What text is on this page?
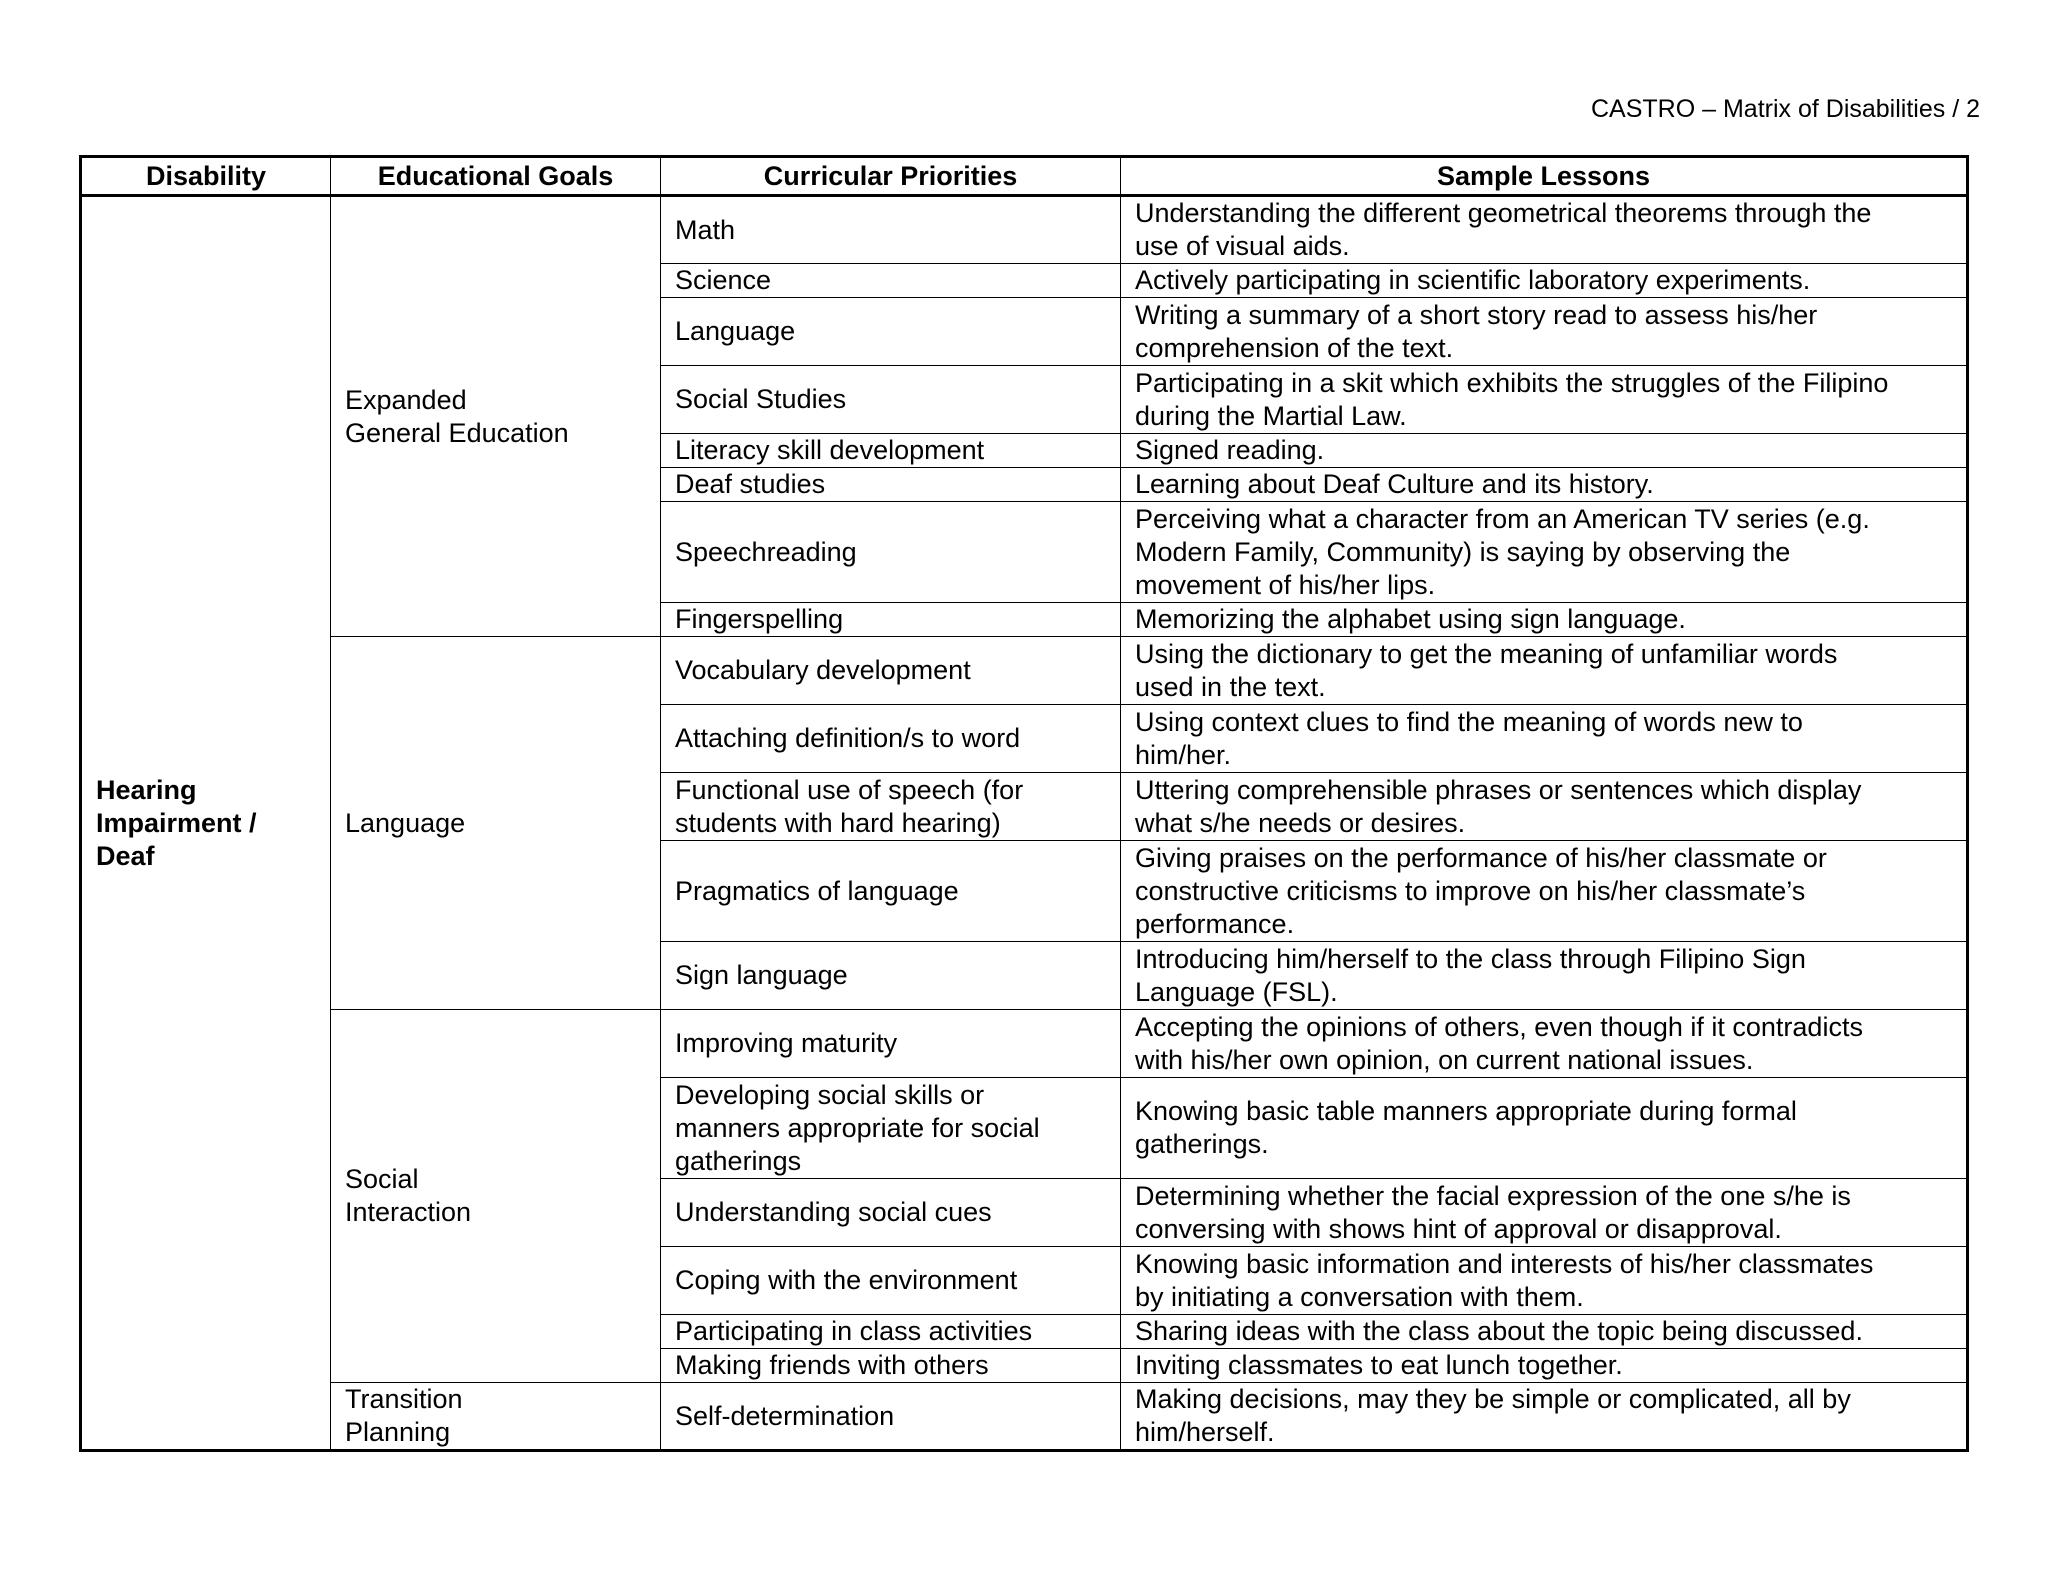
CASTRO – Matrix of Disabilities / 2
Disability	Educational Goals	Curricular Priorities	Sample Lessons
Hearing
Impairment /
Deaf	Expanded
General Education	Math	Understanding the different geometrical theorems through the
use of visual aids.
		Science	Actively participating in scientific laboratory experiments.
		Language	Writing a summary of a short story read to assess his/her
comprehension of the text.
		Social Studies	Participating in a skit which exhibits the struggles of the Filipino
during the Martial Law.
		Literacy skill development	Signed reading.
		Deaf studies	Learning about Deaf Culture and its history.
		Speechreading	Perceiving what a character from an American TV series (e.g.
Modern Family, Community) is saying by observing the
movement of his/her lips.
		Fingerspelling	Memorizing the alphabet using sign language.
	Language	Vocabulary development	Using the dictionary to get the meaning of unfamiliar words
used in the text.
		Attaching definition/s to word	Using context clues to find the meaning of words new to
him/her.
		Functional use of speech (for
students with hard hearing)	Uttering comprehensible phrases or sentences which display
what s/he needs or desires.
		Pragmatics of language	Giving praises on the performance of his/her classmate or
constructive criticisms to improve on his/her classmate’s
performance.
		Sign language	Introducing him/herself to the class through Filipino Sign
Language (FSL).
	Social
Interaction	Improving maturity	Accepting the opinions of others, even though if it contradicts
with his/her own opinion, on current national issues.
		Developing social skills or
manners appropriate for social
gatherings	Knowing basic table manners appropriate during formal
gatherings.
		Understanding social cues	Determining whether the facial expression of the one s/he is
conversing with shows hint of approval or disapproval.
		Coping with the environment	Knowing basic information and interests of his/her classmates
by initiating a conversation with them.
		Participating in class activities	Sharing ideas with the class about the topic being discussed.
		Making friends with others	Inviting classmates to eat lunch together.
	Transition
Planning	Self-determination	Making decisions, may they be simple or complicated, all by
him/herself.
